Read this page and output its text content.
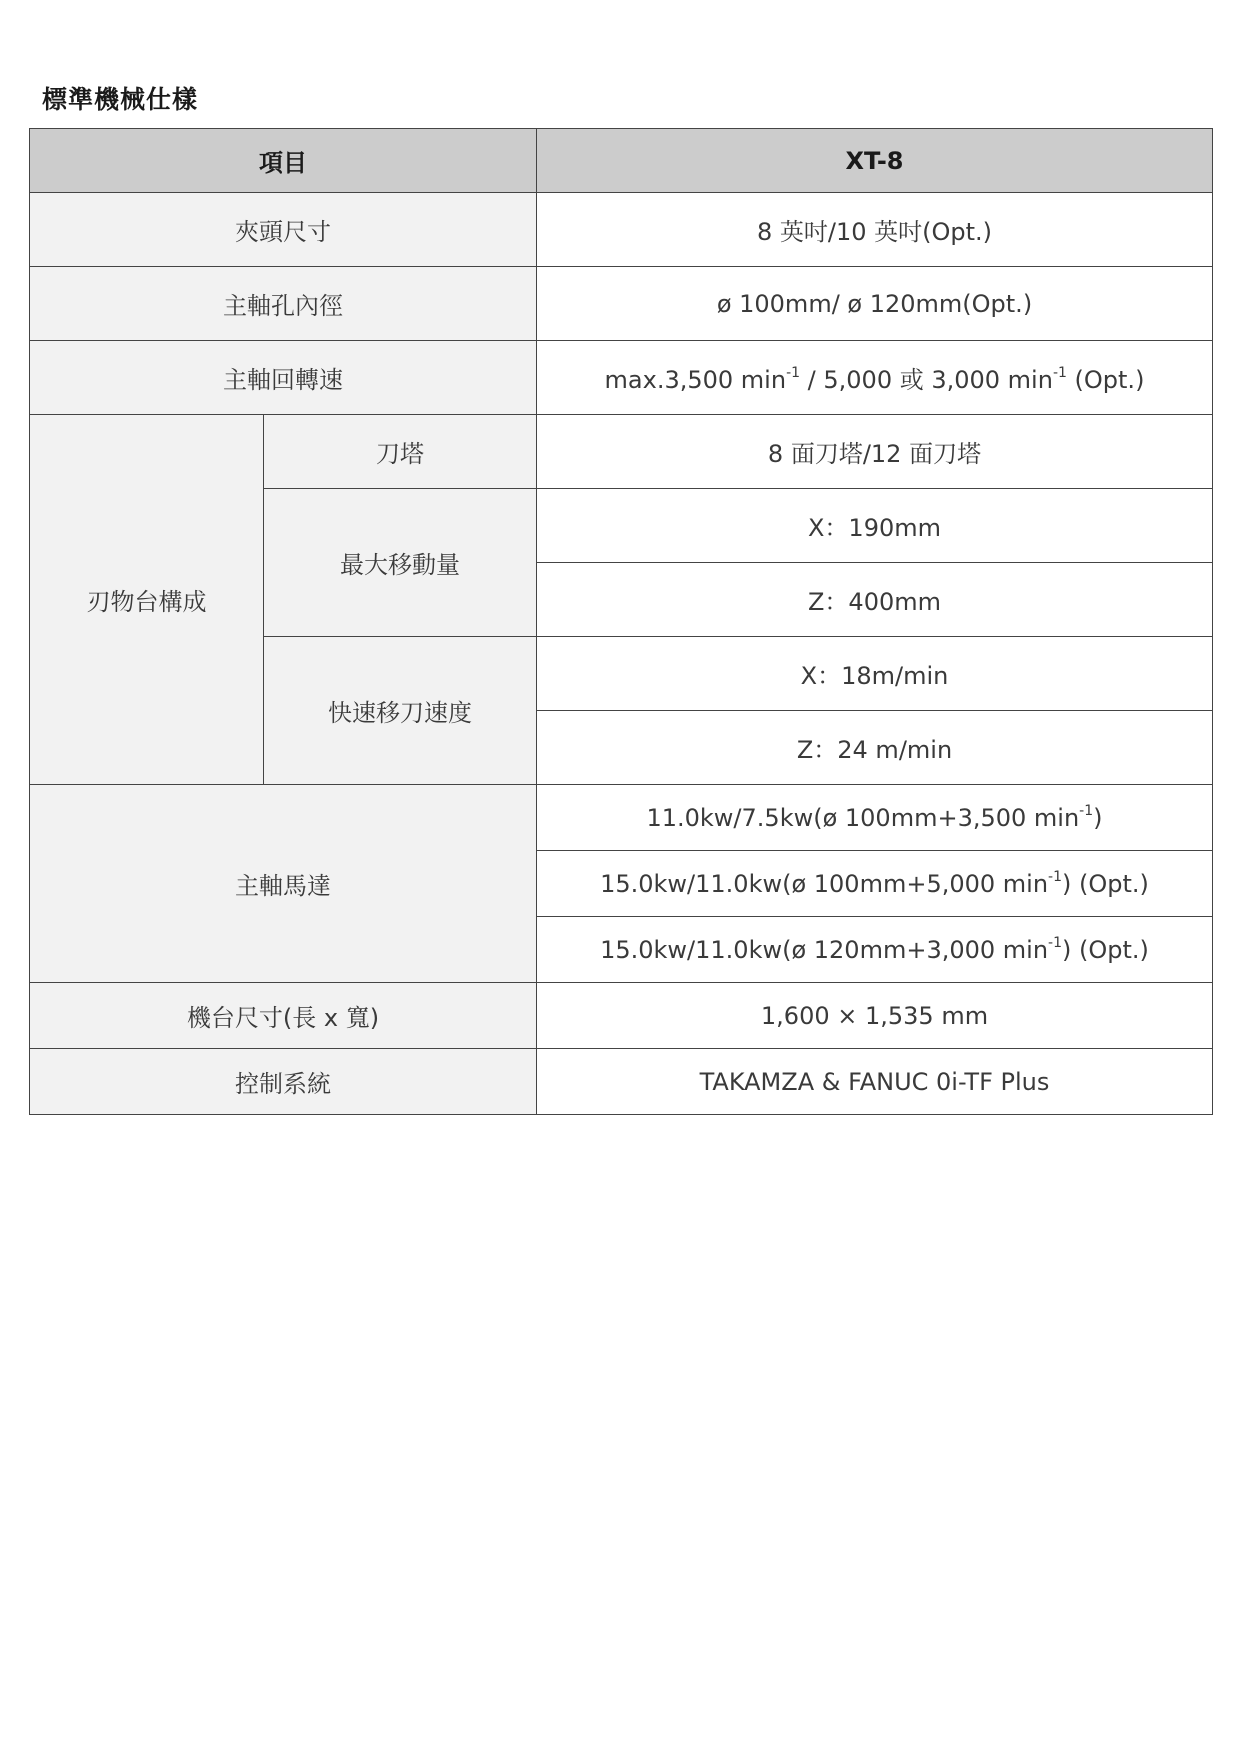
標準機械仕樣
項目		XT-8
夾頭尺寸		8 英吋/10 英吋(Opt.)
主軸孔內徑		ø 100mm/ ø 120mm(Opt.)
主軸回轉速		max.3,500 $\min^{-1} / 5,000$ 或 3,000 $\min^{-1} (Opt.)$
刃物台構成	刀塔	8 面刀塔/12 面刀塔
	最大移動量	X：190mm
		Z：400mm
	快速移刀速度	X：18m/min
		Z：24 m/min
主軸馬達		11.0kw/7.5kw(ø 100mm+3,500 $\min^{-1}$)
		15.0kw/11.0kw(ø 100mm+5,000 $\min^{-1}$) (Opt.)
		15.0kw/11.0kw(ø 120mm+3,000 $\min^{-1}$) (Opt.)
機台尺寸(長 x 寬)		1,600 × 1,535 mm
控制系統		TAKAMZA & FANUC 0i-TF Plus
